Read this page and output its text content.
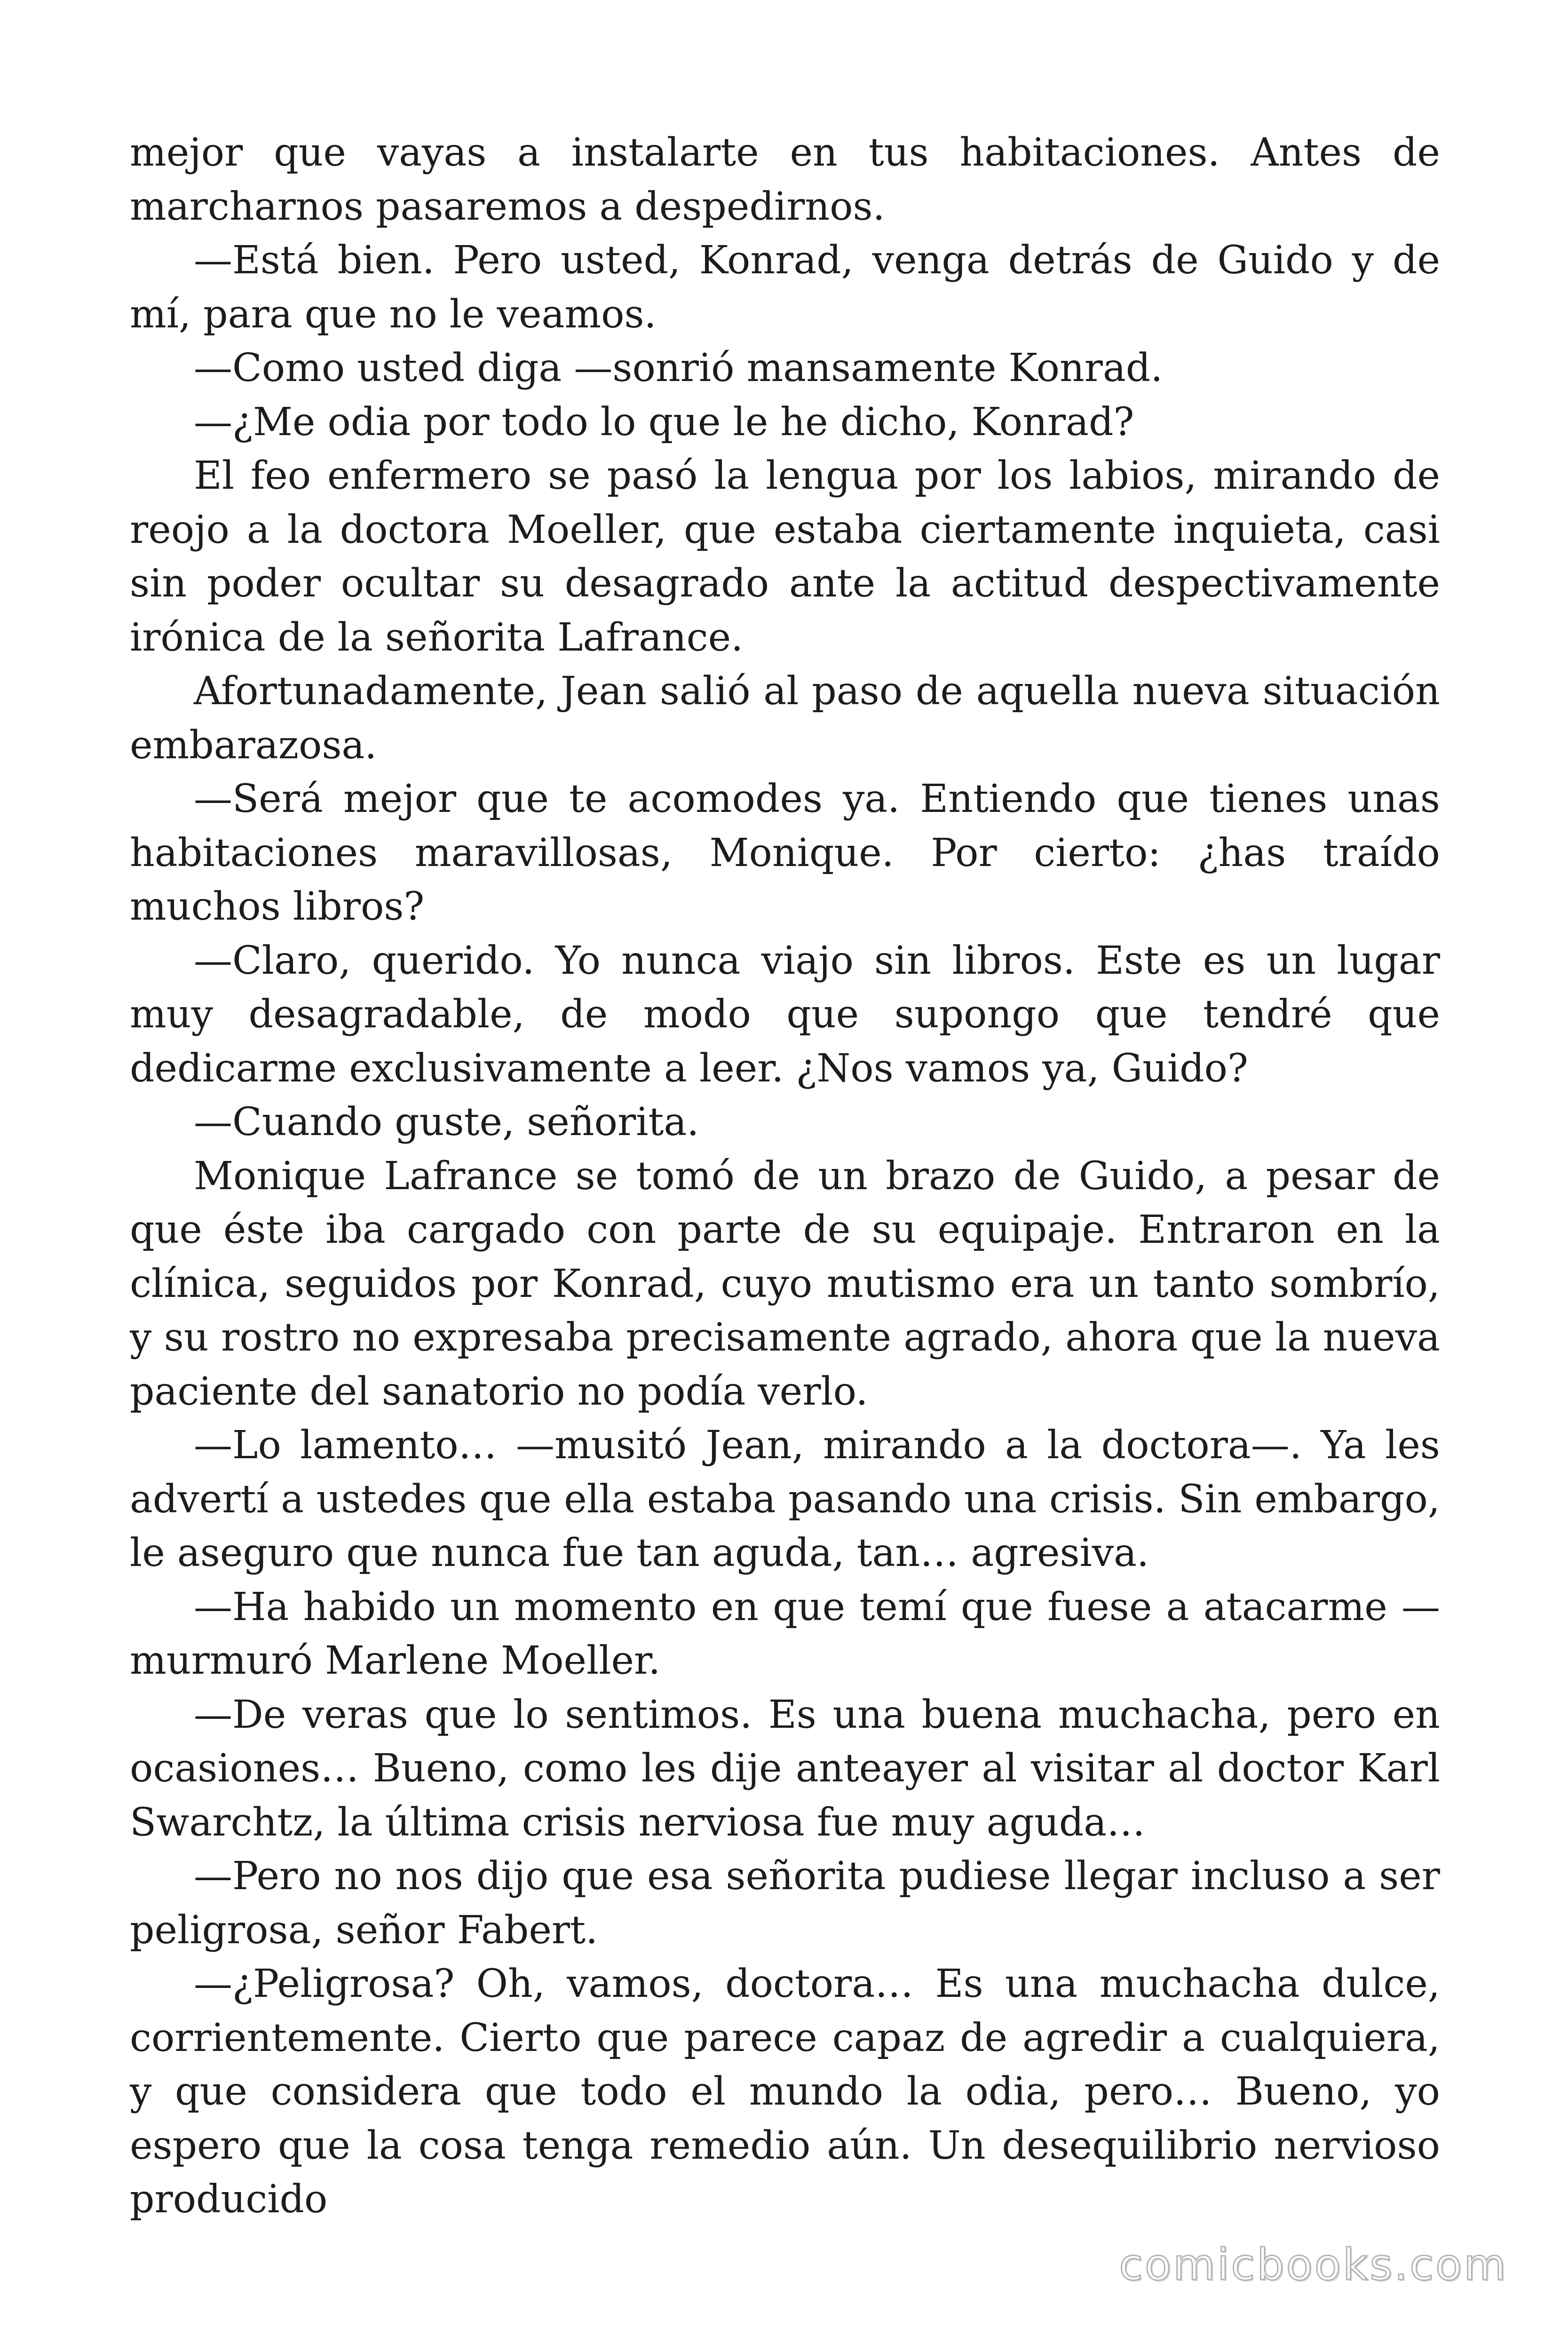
mejor que vayas a instalarte en tus habitaciones. Antes de marcharnos pasaremos a despedirnos.

—Está bien. Pero usted, Konrad, venga detrás de Guido y de mí, para que no le veamos.

—Como usted diga —sonrió mansamente Konrad.

—¿Me odia por todo lo que le he dicho, Konrad?

El feo enfermero se pasó la lengua por los labios, mirando de reojo a la doctora Moeller, que estaba ciertamente inquieta, casi sin poder ocultar su desagrado ante la actitud despectivamente irónica de la señorita Lafrance.

Afortunadamente, Jean salió al paso de aquella nueva situación embarazosa.

—Será mejor que te acomodes ya. Entiendo que tienes unas habitaciones maravillosas, Monique. Por cierto: ¿has traído muchos libros?

—Claro, querido. Yo nunca viajo sin libros. Este es un lugar muy desagradable, de modo que supongo que tendré que dedicarme exclusivamente a leer. ¿Nos vamos ya, Guido?

—Cuando guste, señorita.

Monique Lafrance se tomó de un brazo de Guido, a pesar de que éste iba cargado con parte de su equipaje. Entraron en la clínica, seguidos por Konrad, cuyo mutismo era un tanto sombrío, y su rostro no expresaba precisamente agrado, ahora que la nueva paciente del sanatorio no podía verlo.

—Lo lamento… —musitó Jean, mirando a la doctora—. Ya les advertí a ustedes que ella estaba pasando una crisis. Sin embargo, le aseguro que nunca fue tan aguda, tan… agresiva.

—Ha habido un momento en que temí que fuese a atacarme — murmuró Marlene Moeller.

—De veras que lo sentimos. Es una buena muchacha, pero en ocasiones… Bueno, como les dije anteayer al visitar al doctor Karl Swarchtz, la última crisis nerviosa fue muy aguda…

—Pero no nos dijo que esa señorita pudiese llegar incluso a ser peligrosa, señor Fabert.

—¿Peligrosa? Oh, vamos, doctora… Es una muchacha dulce, corrientemente. Cierto que parece capaz de agredir a cualquiera, y que considera que todo el mundo la odia, pero… Bueno, yo espero que la cosa tenga remedio aún. Un desequilibrio nervioso producido

comicbooks.com
